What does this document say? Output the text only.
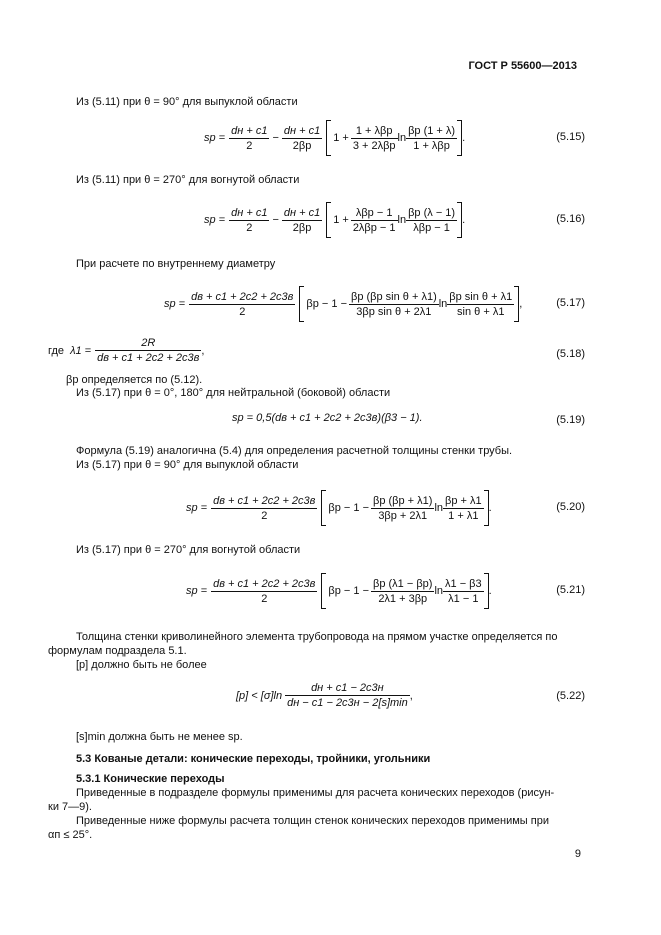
ГОСТ Р 55600—2013
Из (5.11) при θ = 90° для выпуклой области
sp = $\frac{dн + c1}{2} - \frac{dн + c1}{2\beta p} 1 + \frac{\text{1 + λβp}}{\text{3 + 2λβp}}$ $\ln \frac{\beta p (1 + \lambda)}{\text{1 + λβp}}$ .	(5.15)
Из (5.11) при θ = 270° для вогнутой области
sp = $\frac{dн + c1}{2} - \frac{dн + c1}{2\beta p} 1 + \frac{\text{λβp − 1}}{\text{2λβp − 1}}$ $\ln \frac{\beta p (\lambda - 1)}{\text{λβp − 1}}$ .	(5.16)
При расчете по внутреннему диаметру
sp = $\frac{dв + c1 + 2c2 + 2c3в}{2}$ $\beta p - 1 - \frac{\text{βp (βp sin θ + λ1)}}{\text{3βp sin θ + 2λ1}}$ $\ln \frac{\text{βp sin θ + λ1}}{\text{sin θ + λ1}}$ ,	(5.17)
где $\lambda 1 = \frac{2R}{dв + c1 + 2c2 + 2c3в}$ ,	(5.18)
βp определяется по (5.12).
Из (5.17) при θ = 0°, 180° для нейтральной (боковой) области
sp = 0,5(dв + c1 + 2c2 + 2c3в)(β3 − 1).	(5.19)
Формула (5.19) аналогична (5.4) для определения расчетной толщины стенки трубы.
Из (5.17) при θ = 90° для выпуклой области
sp = $\frac{dв + c1 + 2c2 + 2c3в}{2}$ $\beta p - 1 - \frac{\beta p (\beta p + \lambda 1)}{3\beta p + 2\lambda 1}$ $\ln \frac{\beta p + \lambda 1}{1 + \lambda 1}$ .	(5.20)
Из (5.17) при θ = 270° для вогнутой области
sp = $\frac{dв + c1 + 2c2 + 2c3в}{2}$ $\beta p - 1 - \frac{\beta p (\lambda 1 - \beta p)}{2\lambda 1 + 3\beta p}$ $\ln \frac{\lambda 1 - \beta 3}{\lambda 1 - 1}$ .	(5.21)
Толщина стенки криволинейного элемента трубопровода на прямом участке определяется по
формулам подраздела 5.1.
[p] должно быть не более
$[p] < [\sigma]\ln \frac{dн + c1 - 2c3н}{dн - c1 - 2c3н - 2[s]\min}$ ,	(5.22)
[s]min должна быть не менее sp.
5.3 Кованые детали: конические переходы, тройники, угольники
5.3.1 Конические переходы
Приведенные в подразделе формулы применимы для расчета конических переходов (рисун-
ки 7—9).
Приведенные ниже формулы расчета толщин стенок конических переходов применимы при
αп ≤ 25°.
9
